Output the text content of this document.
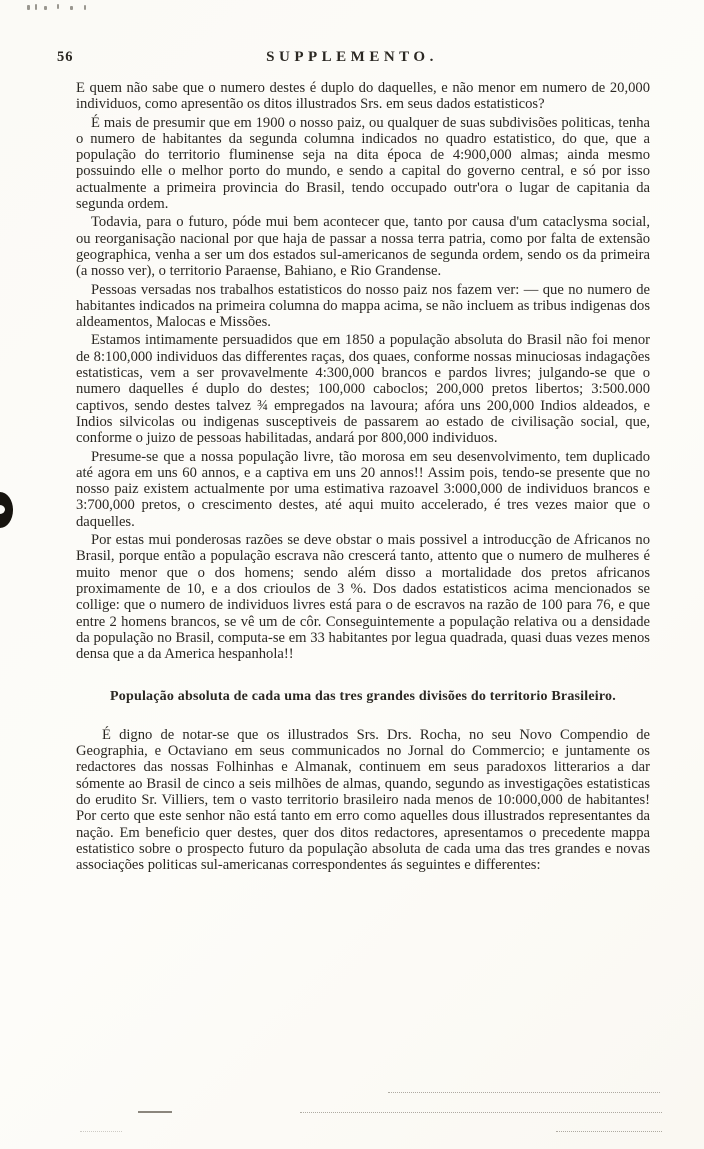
56	SUPPLEMENTO.

E quem não sabe que o numero destes é duplo do daquelles, e não menor em numero de 20,000 individuos, como apresentão os ditos illustrados Srs. em seus dados estatisticos?

É mais de presumir que em 1900 o nosso paiz, ou qualquer de suas subdivisões politicas, tenha o numero de habitantes da segunda columna indicados no quadro estatistico, do que, que a população do territorio fluminense seja na dita época de 4:900,000 almas; ainda mesmo possuindo elle o melhor porto do mundo, e sendo a capital do governo central, e só por isso actualmente a primeira provincia do Brasil, tendo occupado outr'ora o lugar de capitania da segunda ordem.

Todavia, para o futuro, póde mui bem acontecer que, tanto por causa d'um cataclysma social, ou reorganisação nacional por que haja de passar a nossa terra patria, como por falta de extensão geographica, venha a ser um dos estados sul-americanos de segunda ordem, sendo os da primeira (a nosso ver), o territorio Paraense, Bahiano, e Rio Grandense.

Pessoas versadas nos trabalhos estatisticos do nosso paiz nos fazem ver: — que no numero de habitantes indicados na primeira columna do mappa acima, se não incluem as tribus indigenas dos aldeamentos, Malocas e Missões.

Estamos intimamente persuadidos que em 1850 a população absoluta do Brasil não foi menor de 8:100,000 individuos das differentes raças, dos quaes, conforme nossas minuciosas indagações estatisticas, vem a ser provavelmente 4:300,000 brancos e pardos livres; julgando-se que o numero daquelles é duplo do destes; 100,000 caboclos; 200,000 pretos libertos; 3:500.000 captivos, sendo destes talvez ¾ empregados na lavoura; afóra uns 200,000 Indios aldeados, e Indios silvicolas ou indigenas susceptiveis de passarem ao estado de civilisação social, que, conforme o juizo de pessoas habilitadas, andará por 800,000 individuos.

Presume-se que a nossa população livre, tão morosa em seu desenvolvimento, tem duplicado até agora em uns 60 annos, e a captiva em uns 20 annos!! Assim pois, tendo-se presente que no nosso paiz existem actualmente por uma estimativa razoavel 3:000,000 de individuos brancos e 3:700,000 pretos, o crescimento destes, até aqui muito accelerado, é tres vezes maior que o daquelles.

Por estas mui ponderosas razões se deve obstar o mais possivel a introducção de Africanos no Brasil, porque então a população escrava não crescerá tanto, attento que o numero de mulheres é muito menor que o dos homens; sendo além disso a mortalidade dos pretos africanos proximamente de 10, e a dos crioulos de 3 %. Dos dados estatisticos acima mencionados se collige: que o numero de individuos livres está para o de escravos na razão de 100 para 76, e que entre 2 homens brancos, se vê um de côr. Conseguintemente a população relativa ou a densidade da população no Brasil, computa-se em 33 habitantes por legua quadrada, quasi duas vezes menos densa que a da America hespanhola!!

População absoluta de cada uma das tres grandes divisões do territorio Brasileiro.

É digno de notar-se que os illustrados Srs. Drs. Rocha, no seu Novo Compendio de Geographia, e Octaviano em seus communicados no Jornal do Commercio; e juntamente os redactores das nossas Folhinhas e Almanak, continuem em seus paradoxos litterarios a dar sómente ao Brasil de cinco a seis milhões de almas, quando, segundo as investigações estatisticas do erudito Sr. Villiers, tem o vasto territorio brasileiro nada menos de 10:000,000 de habitantes! Por certo que este senhor não está tanto em erro como aquelles dous illustrados representantes da nação. Em beneficio quer destes, quer dos ditos redactores, apresentamos o precedente mappa estatistico sobre o prospecto futuro da população absoluta de cada uma das tres grandes e novas associações politicas sul-americanas correspondentes ás seguintes e differentes:
